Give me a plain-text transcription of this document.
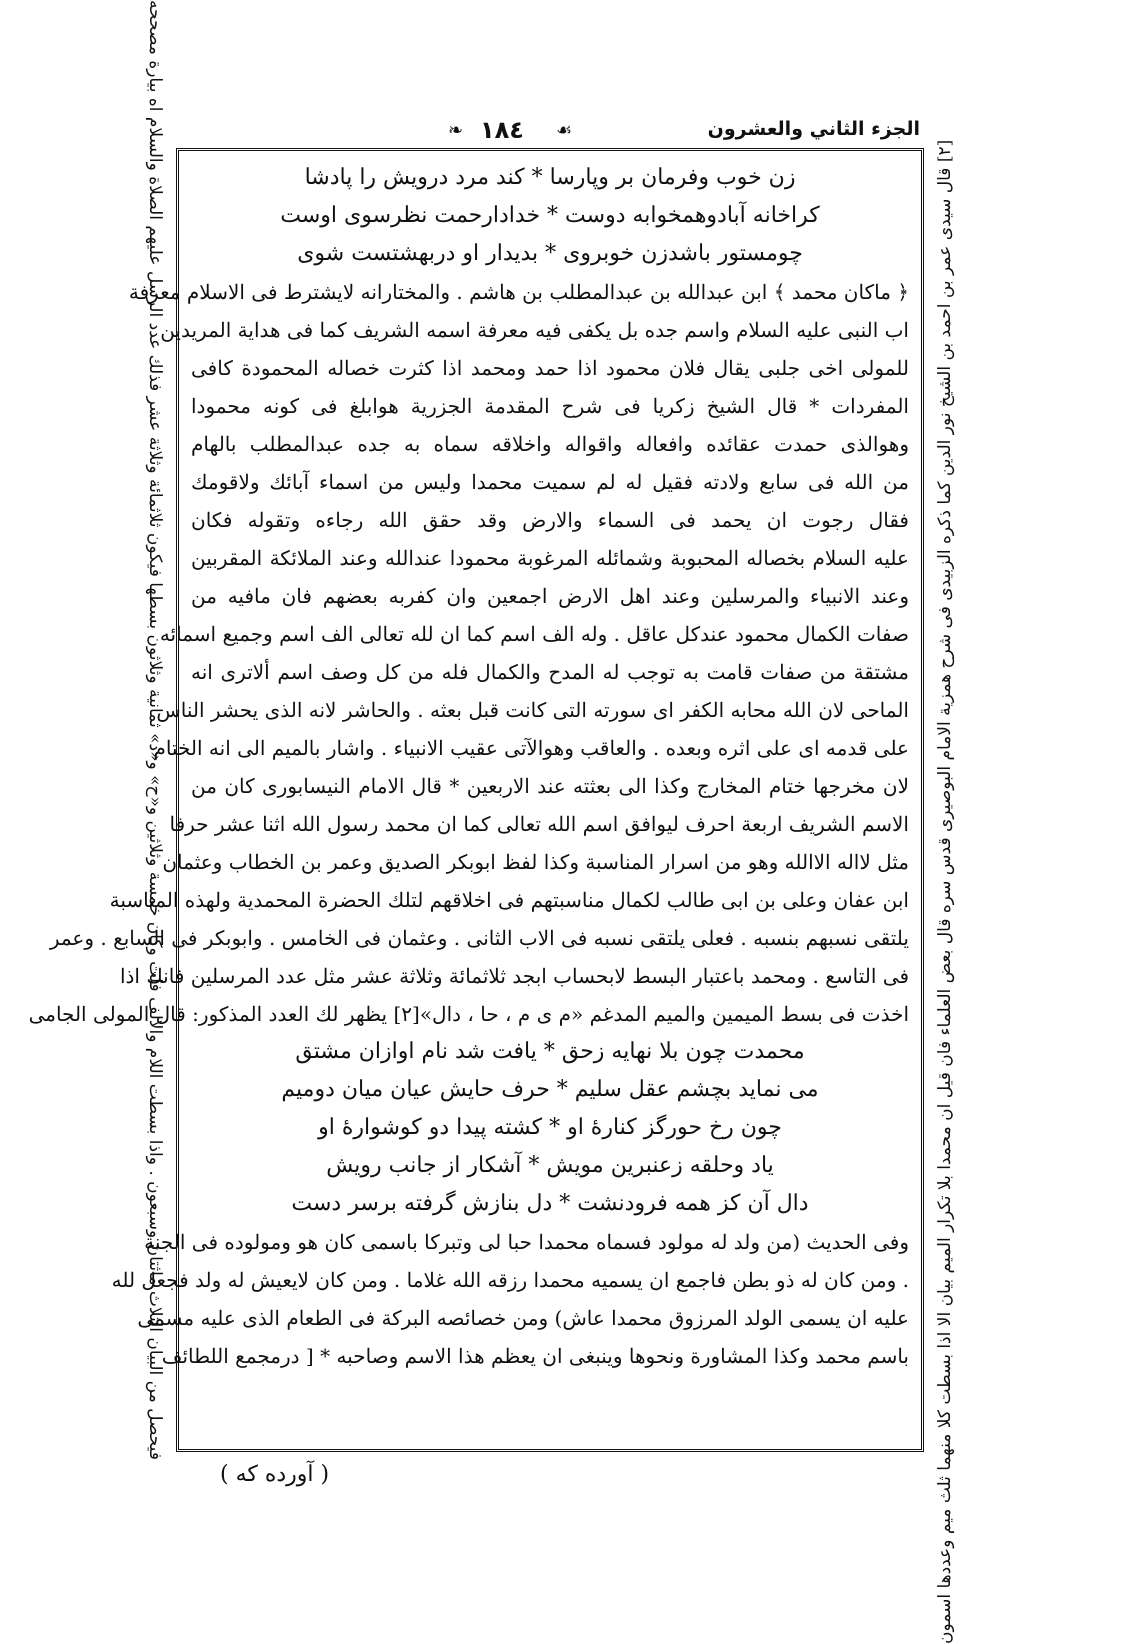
الجزء الثاني والعشرون
☙
١٨٤
❧
[٢] قال سيدى عمر بن احمد بن الشيخ نور الدين كما ذكره الزبيدى فى شرح همزية الامام البوصيرى قدس سره قال بعض العلماء فان قيل ان محمدا بلا تكرار الميم بيان الا اذا بسطت كلا منهما ثلث ميم وعددها اسمون
فيحصل من البيان الثلاث ماثتان وسبعون . واذا بسطت اللام والالف فلت وكان خمسة وثلاثين و«ح» و«د» ثمانية وثلاثون بسطها فيكون ثلاثمائة وثلاثة عشر فذلك عدد الرسل عليهم الصلاة والسلام اه بيارة مصححه	زن خوب وفرمان بر وپارسا * كند مرد درويش را پادشا
كراخانه آبادوهمخوابه دوست * خدادارحمت نظرسوى اوست
چومستور باشدزن خوبروى * بديدار او دربهشتست شوى
﴿ ماكان محمد ﴾ ابن عبدالله بن عبدالمطلب بن هاشم . والمختارانه لايشترط فى الاسلام معرفة
اب النبى عليه السلام واسم جده بل يكفى فيه معرفة اسمه الشريف كما فى هداية المريدين
للمولى اخى جلبى يقال فلان محمود اذا حمد ومحمد اذا كثرت خصاله المحمودة كافى
المفردات * قال الشيخ زكريا فى شرح المقدمة الجزرية هوابلغ فى كونه محمودا
وهوالذى حمدت عقائده وافعاله واقواله واخلاقه سماه به جده عبدالمطلب بالهام
من الله فى سابع ولادته فقيل له لم سميت محمدا وليس من اسماء آبائك ولاقومك
فقال رجوت ان يحمد فى السماء والارض وقد حقق الله رجاءه وتقوله فكان
عليه السلام بخصاله المحبوبة وشمائله المرغوبة محمودا عندالله وعند الملائكة المقربين
وعند الانبياء والمرسلين وعند اهل الارض اجمعين وان كفربه بعضهم فان مافيه من
صفات الكمال محمود عندكل عاقل . وله الف اسم كما ان لله تعالى الف اسم وجميع اسمائه
مشتقة من صفات قامت به توجب له المدح والكمال فله من كل وصف اسم ألاترى انه
الماحى لان الله محابه الكفر اى سورته التى كانت قبل بعثه . والحاشر لانه الذى يحشر الناس
على قدمه اى على اثره وبعده . والعاقب وهوالآتى عقيب الانبياء . واشار بالميم الى انه الختام
لان مخرجها ختام المخارج وكذا الى بعثته عند الاربعين * قال الامام النيسابورى كان من
الاسم الشريف اربعة احرف ليوافق اسم الله تعالى كما ان محمد رسول الله اثنا عشر حرفا
مثل لااله الاالله وهو من اسرار المناسبة وكذا لفظ ابوبكر الصديق وعمر بن الخطاب وعثمان
ابن عفان وعلى بن ابى طالب لكمال مناسبتهم فى اخلاقهم لتلك الحضرة المحمدية ولهذه المناسبة
يلتقى نسبهم بنسبه . فعلى يلتقى نسبه فى الاب الثانى . وعثمان فى الخامس . وابوبكر فى السابع . وعمر
فى التاسع . ومحمد باعتبار البسط لابحساب ابجد ثلاثمائة وثلاثة عشر مثل عدد المرسلين فانك اذا
اخذت فى بسط الميمين والميم المدغم «م ى م ، حا ، دال»[٢] يظهر لك العدد المذكور: قال المولى الجامى
محمدت چون بلا نهايه زحق * يافت شد نام اوازان مشتق
مى نمايد بچشم عقل سليم * حرف حايش عيان ميان دوميم
چون رخ حورگز كنارهٔ او * كشته پيدا دو كوشوارهٔ او
ياد وحلقه زعنبرين مويش * آشكار از جانب رويش
دال آن كز همه فرودنشت * دل بنازش گرفته برسر دست
وفى الحديث (من ولد له مولود فسماه محمدا حبا لى وتبركا باسمى كان هو ومولوده فى الجنة
. ومن كان له ذو بطن فاجمع ان يسميه محمدا رزقه الله غلاما . ومن كان لايعيش له ولد فجعل لله
عليه ان يسمى الولد المرزوق محمدا عاش) ومن خصائصه البركة فى الطعام الذى عليه مسمى
باسم محمد وكذا المشاورة ونحوها وينبغى ان يعظم هذا الاسم وصاحبه * [ درمجمع اللطائف
( آورده كه )
